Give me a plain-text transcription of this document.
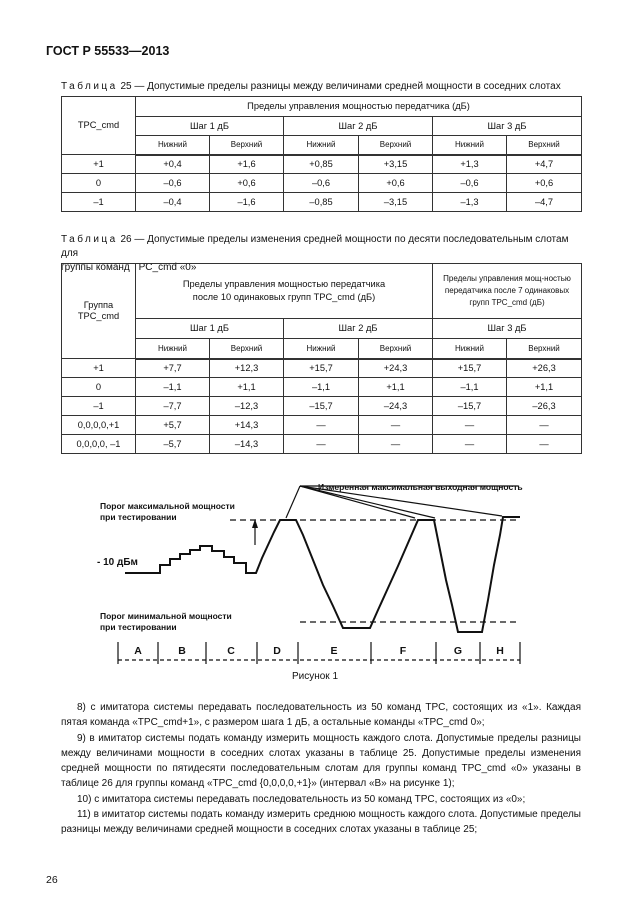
ГОСТ Р 55533—2013
Таблица 25 — Допустимые пределы разницы между величинами средней мощности в соседних слотах
TPC_cmd	Пределы управления мощностью передатчика (дБ)					
	Шаг 1 дБ		Шаг 2 дБ		Шаг 3 дБ	
	Нижний	Верхний	Нижний	Верхний	Нижний	Верхний
+1	+0,4	+1,6	+0,85	+3,15	+1,3	+4,7
0	–0,6	+0,6	–0,6	+0,6	–0,6	+0,6
–1	–0,4	–1,6	–0,85	–3,15	–1,3	–4,7
Таблица 26 — Допустимые пределы изменения средней мощности по десяти последовательным слотам для
группы команд TPC_cmd «0»
Группа TPC_cmd	Пределы управления мощностью передатчика после 10 одинаковых групп TPC_cmd (дБ)				Пределы управления мощ-ностью передатчика после 7 одинаковых групп TPC_cmd (дБ)	
	Шаг 1 дБ		Шаг 2 дБ		Шаг 3 дБ	
	Нижний	Верхний	Нижний	Верхний	Нижний	Верхний
+1	+7,7	+12,3	+15,7	+24,3	+15,7	+26,3
0	–1,1	+1,1	–1,1	+1,1	–1,1	+1,1
–1	–7,7	–12,3	–15,7	–24,3	–15,7	–26,3
0,0,0,0,+1	+5,7	+14,3	—	—	—	—
0,0,0,0, –1	–5,7	–14,3	—	—	—	—
Измеренная максимальная выходная мощность
Порог максимальной мощности
при тестировании
Порог минимальной мощности
при тестировании
- 10 дБм
A	B	C	D	E	F	G	H
Рисунок 1

8) с имитатора системы передавать последовательность из 50 команд TPC, состоящих из «1». Каждая пятая команда «TPC_cmd+1», с размером шага 1 дБ, а остальные команды «TPC_cmd 0»;

9) в имитатор системы подать команду измерить мощность каждого слота. Допустимые пределы разницы между величинами мощности в соседних слотах указаны в таблице 25. Допустимые пределы изменения средней мощности по пятидесяти последовательным слотам для группы команд TPC_cmd «0» указаны в таблице 26 для группы команд «TPC_cmd {0,0,0,0,+1}» (интервал «В» на рисунке 1);

10) с имитатора системы передавать последовательность из 50 команд TPC, состоящих из «0»;

11) в имитатор системы подать команду измерить среднюю мощность каждого слота. Допустимые пределы разницы между величинами средней мощности в соседних слотах указаны в таблице 25;

26
